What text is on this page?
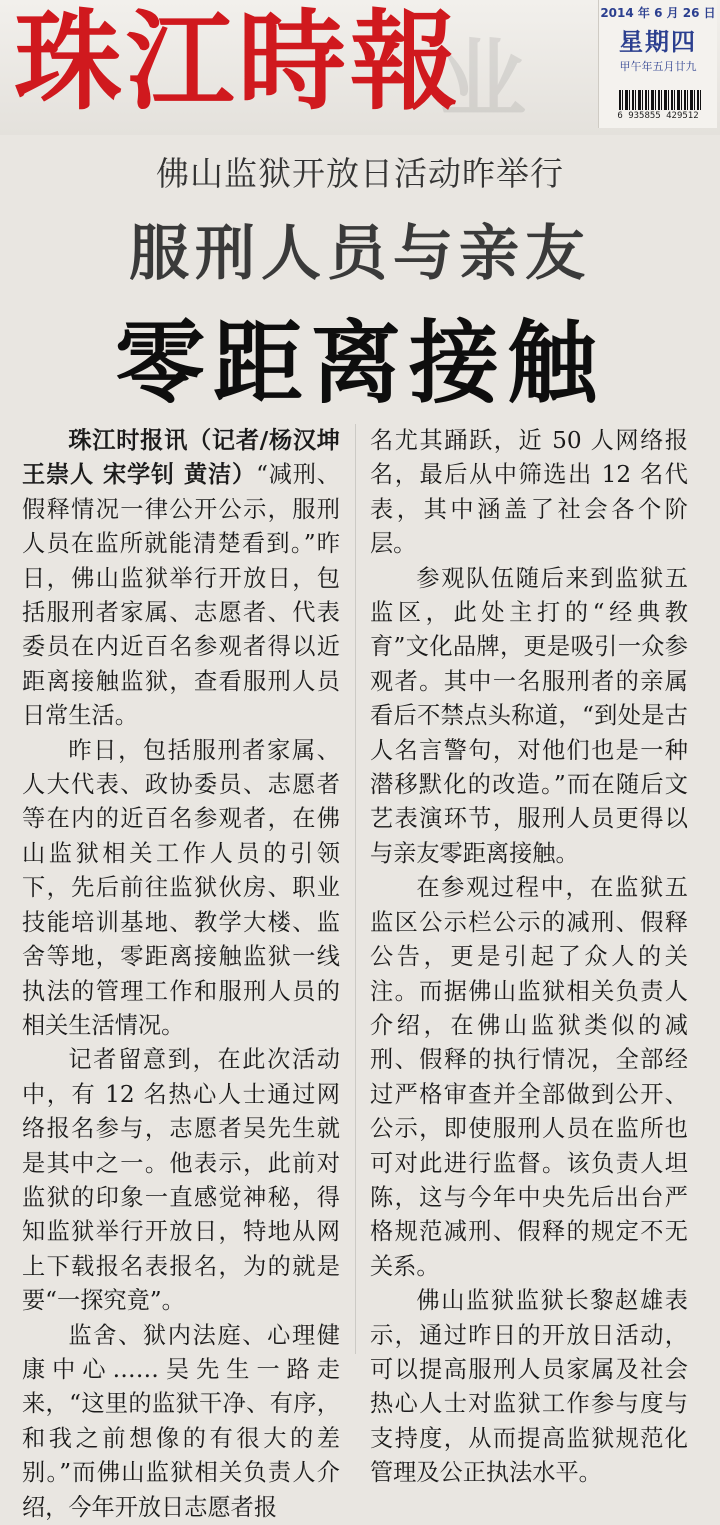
业
珠江時報	2014 年 6 月 26 日
星期四
甲午年五月廿九
6 935855 429512
佛山监狱开放日活动昨举行
服刑人员与亲友
零距离接触

珠江时报讯（记者/杨汉坤 王崇人 宋学钊 黄洁）“减刑、假释情况一律公开公示，服刑人员在监所就能清楚看到。”昨日，佛山监狱举行开放日，包括服刑者家属、志愿者、代表委员在内近百名参观者得以近距离接触监狱，查看服刑人员日常生活。

昨日，包括服刑者家属、人大代表、政协委员、志愿者等在内的近百名参观者，在佛山监狱相关工作人员的引领下，先后前往监狱伙房、职业技能培训基地、教学大楼、监舍等地，零距离接触监狱一线执法的管理工作和服刑人员的相关生活情况。

记者留意到，在此次活动中，有 12 名热心人士通过网络报名参与，志愿者吴先生就是其中之一。他表示，此前对监狱的印象一直感觉神秘，得知监狱举行开放日，特地从网上下载报名表报名，为的就是要“一探究竟”。

监舍、狱内法庭、心理健康中心……吴先生一路走来，“这里的监狱干净、有序，和我之前想像的有很大的差别。”而佛山监狱相关负责人介绍，今年开放日志愿者报

名尤其踊跃，近 50 人网络报名，最后从中筛选出 12 名代表，其中涵盖了社会各个阶层。

参观队伍随后来到监狱五监区，此处主打的“经典教育”文化品牌，更是吸引一众参观者。其中一名服刑者的亲属看后不禁点头称道，“到处是古人名言警句，对他们也是一种潜移默化的改造。”而在随后文艺表演环节，服刑人员更得以与亲友零距离接触。

在参观过程中，在监狱五监区公示栏公示的减刑、假释公告，更是引起了众人的关注。而据佛山监狱相关负责人介绍，在佛山监狱类似的减刑、假释的执行情况，全部经过严格审查并全部做到公开、公示，即使服刑人员在监所也可对此进行监督。该负责人坦陈，这与今年中央先后出台严格规范减刑、假释的规定不无关系。

佛山监狱监狱长黎赵雄表示，通过昨日的开放日活动，可以提高服刑人员家属及社会热心人士对监狱工作参与度与支持度，从而提高监狱规范化管理及公正执法水平。
